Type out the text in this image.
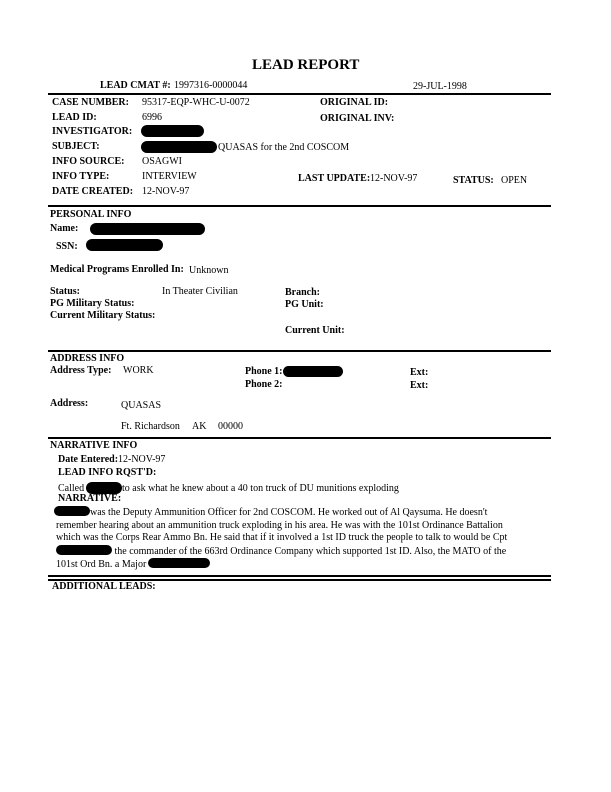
LEAD REPORT
LEAD CMAT #: 1997316-0000044	29-JUL-1998
CASE NUMBER: 95317-EQP-WHC-U-0072	ORIGINAL ID:
LEAD ID:	6996	ORIGINAL INV:
INVESTIGATOR:
SUBJECT:	QUASAS for the 2nd COSCOM
INFO SOURCE: OSAGWI
INFO TYPE:	INTERVIEW	LAST UPDATE: 12-NOV-97	STATUS: OPEN
DATE CREATED: 12-NOV-97
PERSONAL INFO
Name:
SSN:
Medical Programs Enrolled In: Unknown
Status:	In Theater Civilian	Branch:
PG Military Status:	PG Unit:
Current Military Status:
Current Unit:
ADDRESS INFO
Address Type: WORK	Phone 1:	Ext:
Phone 2:	Ext:
Address:	QUASAS
Ft. Richardson AK 00000
NARRATIVE INFO
Date Entered: 12-NOV-97
LEAD INFO RQST'D:
Called	to ask what he knew about a 40 ton truck of DU munitions exploding
NARRATIVE:

was the Deputy Ammunition Officer for 2nd COSCOM. He worked out of Al Qaysuma. He doesn't

remember hearing about an ammunition truck exploding in his area. He was with the 101st Ordinance Battalion

which was the Corps Rear Ammo Bn. He said that if it involved a 1st ID truck the people to talk to would be Cpt

the commander of the 663rd Ordinance Company which supported 1st ID. Also, the MATO of the

101st Ord Bn. a Major

ADDITIONAL LEADS:
